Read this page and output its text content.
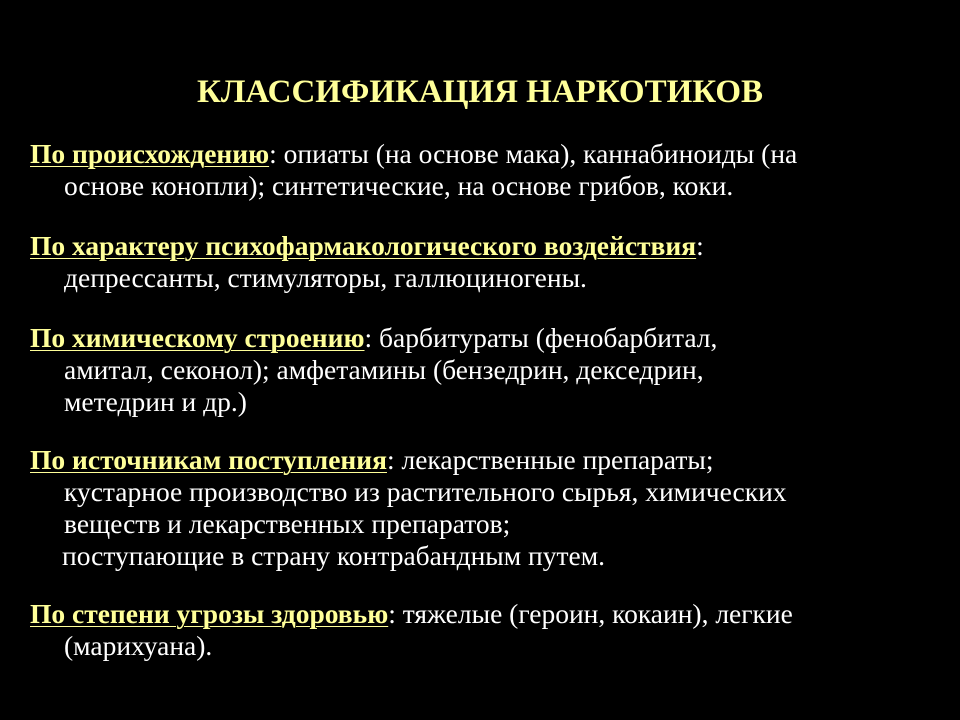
КЛАССИФИКАЦИЯ НАРКОТИКОВ
По происхождению: опиаты (на основе мака), каннабиноиды (на
основе конопли); синтетические, на основе грибов, коки.
По характеру психофармакологического воздействия:
депрессанты, стимуляторы, галлюциногены.
По химическому строению: барбитураты (фенобарбитал,
амитал, секонол); амфетамины (бензедрин, декседрин,
метедрин и др.)
По источникам поступления: лекарственные препараты;
кустарное производство из растительного сырья, химических
веществ и лекарственных препаратов;
поступающие в страну контрабандным путем.
По степени угрозы здоровью: тяжелые (героин, кокаин), легкие
(марихуана).
